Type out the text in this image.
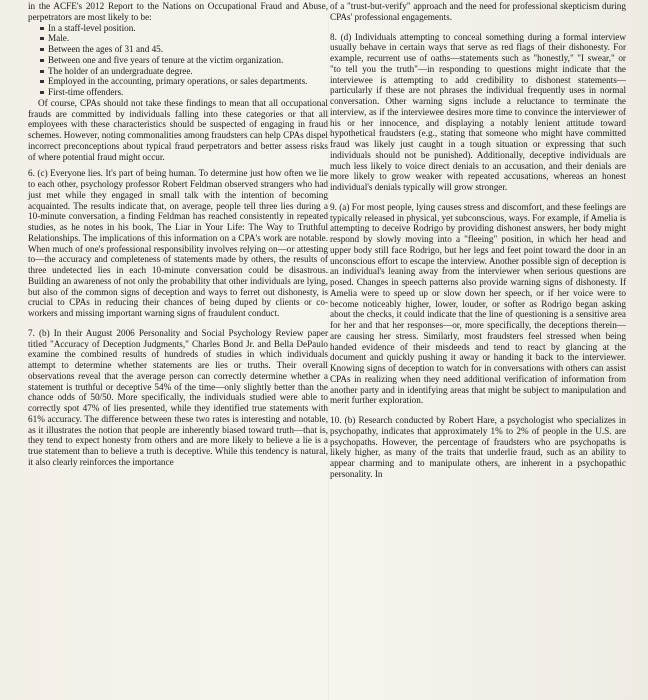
in the ACFE's 2012 Report to the Nations on Occupational Fraud and Abuse, perpetrators are most likely to be:

In a staff-level position.
Male.
Between the ages of 31 and 45.
Between one and five years of tenure at the victim organization.
The holder of an undergraduate degree.
Employed in the accounting, primary operations, or sales departments.
First-time offenders.

Of course, CPAs should not take these findings to mean that all occupational frauds are committed by individuals falling into these categories or that all employees with these characteristics should be suspected of engaging in fraud schemes. However, noting commonalities among fraudsters can help CPAs dispel incorrect preconceptions about typical fraud perpetrators and better assess risks of where potential fraud might occur.

6. (c) Everyone lies. It's part of being human. To determine just how often we lie to each other, psychology professor Robert Feldman observed strangers who had just met while they engaged in small talk with the intention of becoming acquainted. The results indicate that, on average, people tell three lies during a 10-minute conversation, a finding Feldman has reached consistently in repeated studies, as he notes in his book, The Liar in Your Life: The Way to Truthful Relationships. The implications of this information on a CPA's work are notable. When much of one's professional responsibility involves relying on—or attesting to—the accuracy and completeness of statements made by others, the results of three undetected lies in each 10-minute conversation could be disastrous. Building an awareness of not only the probability that other individuals are lying, but also of the common signs of deception and ways to ferret out dishonesty, is crucial to CPAs in reducing their chances of being duped by clients or co-workers and missing important warning signs of fraudulent conduct.

7. (b) In their August 2006 Personality and Social Psychology Review paper titled "Accuracy of Deception Judgments," Charles Bond Jr. and Bella DePaulo examine the combined results of hundreds of studies in which individuals attempt to determine whether statements are lies or truths. Their overall observations reveal that the average person can correctly determine whether a statement is truthful or deceptive 54% of the time—only slightly better than the chance odds of 50/50. More specifically, the individuals studied were able to correctly spot 47% of lies presented, while they identified true statements with 61% accuracy. The difference between these two rates is interesting and notable, as it illustrates the notion that people are inherently biased toward truth—that is, they tend to expect honesty from others and are more likely to believe a lie is a true statement than to believe a truth is deceptive. While this tendency is natural, it also clearly reinforces the importance

of a "trust-but-verify" approach and the need for professional skepticism during CPAs' professional engagements.

8. (d) Individuals attempting to conceal something during a formal interview usually behave in certain ways that serve as red flags of their dishonesty. For example, recurrent use of oaths—statements such as "honestly," "I swear," or "to tell you the truth"—in responding to questions might indicate that the interviewee is attempting to add credibility to dishonest statements—particularly if these are not phrases the individual frequently uses in normal conversation. Other warning signs include a reluctance to terminate the interview, as if the interviewee desires more time to convince the interviewer of his or her innocence, and displaying a notably lenient attitude toward hypothetical fraudsters (e.g., stating that someone who might have committed fraud was likely just caught in a tough situation or expressing that such individuals should not be punished). Additionally, deceptive individuals are much less likely to voice direct denials to an accusation, and their denials are more likely to grow weaker with repeated accusations, whereas an honest individual's denials typically will grow stronger.

9. (a) For most people, lying causes stress and discomfort, and these feelings are typically released in physical, yet subconscious, ways. For example, if Amelia is attempting to deceive Rodrigo by providing dishonest answers, her body might respond by slowly moving into a "fleeing" position, in which her head and upper body still face Rodrigo, but her legs and feet point toward the door in an unconscious effort to escape the interview. Another possible sign of deception is an individual's leaning away from the interviewer when serious questions are posed. Changes in speech patterns also provide warning signs of dishonesty. If Amelia were to speed up or slow down her speech, or if her voice were to become noticeably higher, lower, louder, or softer as Rodrigo began asking about the checks, it could indicate that the line of questioning is a sensitive area for her and that her responses—or, more specifically, the deceptions therein—are causing her stress. Similarly, most fraudsters feel stressed when being handed evidence of their misdeeds and tend to react by glancing at the document and quickly pushing it away or handing it back to the interviewer. Knowing signs of deception to watch for in conversations with others can assist CPAs in realizing when they need additional verification of information from another party and in identifying areas that might be subject to manipulation and merit further exploration.

10. (b) Research conducted by Robert Hare, a psychologist who specializes in psychopathy, indicates that approximately 1% to 2% of people in the U.S. are psychopaths. However, the percentage of fraudsters who are psychopaths is likely higher, as many of the traits that underlie fraud, such as an ability to appear charming and to manipulate others, are inherent in a psychopathic personality. In
